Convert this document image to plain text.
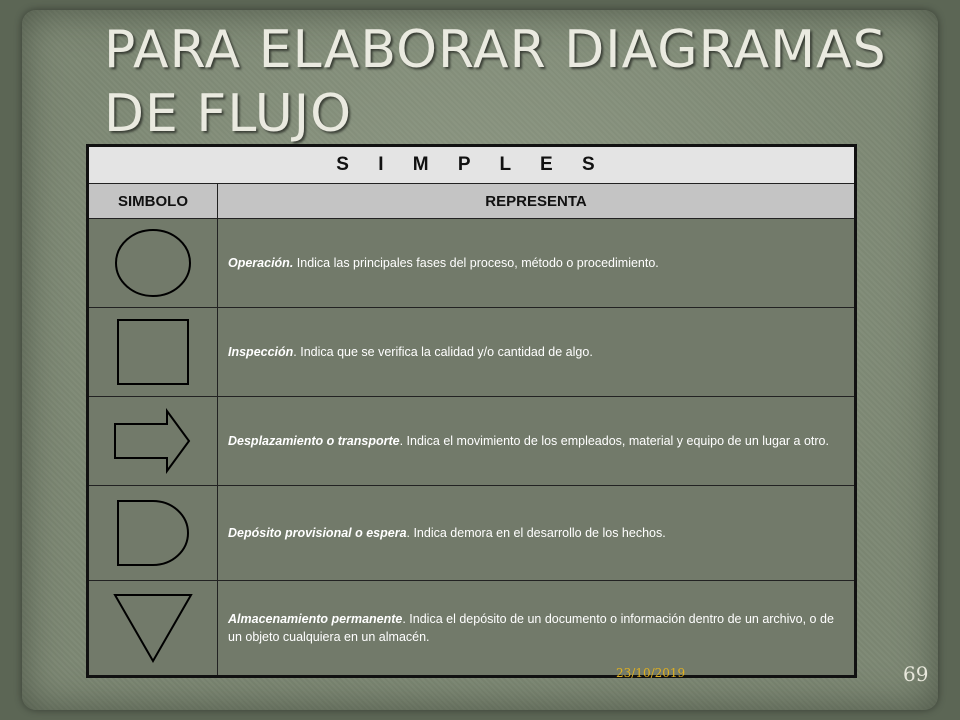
PARA ELABORAR DIAGRAMAS
DE FLUJO
S I M P L E S	
SIMBOLO	REPRESENTA

	Operación. Indica las principales fases del proceso, método o procedimiento.

	Inspección. Indica que se verifica la calidad y/o cantidad de algo.

	Desplazamiento o transporte. Indica el movimiento de los empleados, material y equipo de un lugar a otro.

	Depósito provisional o espera. Indica demora en el desarrollo de los hechos.

	Almacenamiento permanente. Indica el depósito de un documento o información dentro de un archivo, o de un objeto cualquiera en un almacén.
23/10/2019	69
